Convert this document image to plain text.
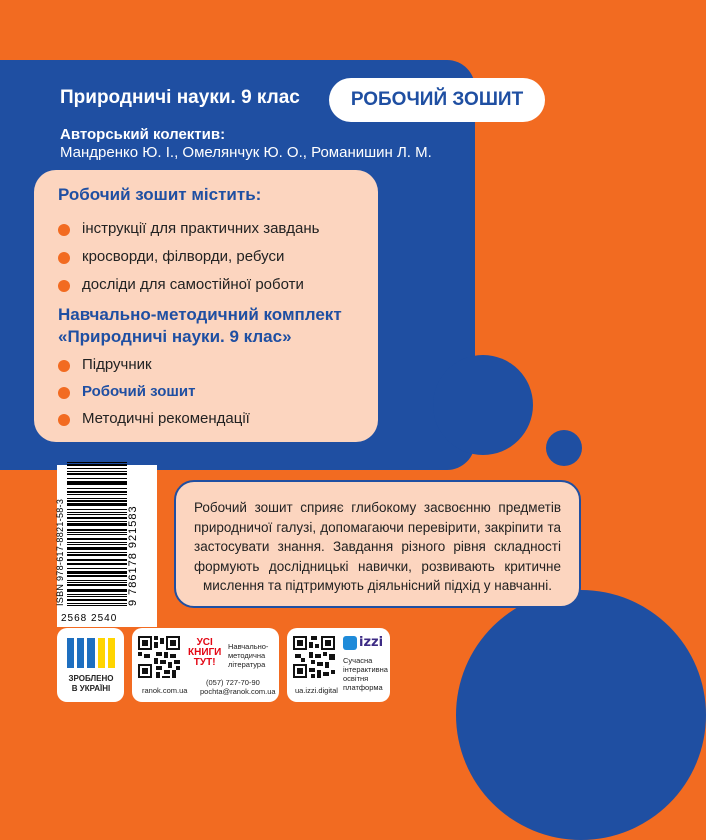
Природничі науки. 9 клас	РОБОЧИЙ ЗОШИТ
Авторський колектив:
Мандренко Ю. І., Омелянчук Ю. О., Романишин Л. М.
Робочий зошит містить:
інструкції для практичних завдань
кросворди, філворди, ребуси
досліди для самостійної роботи
Навчально-методичний комплект
«Природничі науки. 9 клас»
Підручник
Робочий зошит
Методичні рекомендації
ISBN 978-617-8821-58-3	9 786178 921583
2568 2540
Робочий зошит сприяє глибокому засвоєнню предметів природничої галузі, допомагаючи перевірити, закріпити та застосувати знання. Завдання різного рівня складності формують дослідницькі навички, розвивають критичне мислення та підтримують діяльнісний підхід у навчанні.
ЗРОБЛЕНО
В УКРАЇНІ
УСІ
КНИГИ
ТУТ!
Навчально-методична література
(057) 727-70-90
ranok.com.ua pochta@ranok.com.ua
izzi
Сучасна інтерактивна освітня платформа
ua.izzi.digital
